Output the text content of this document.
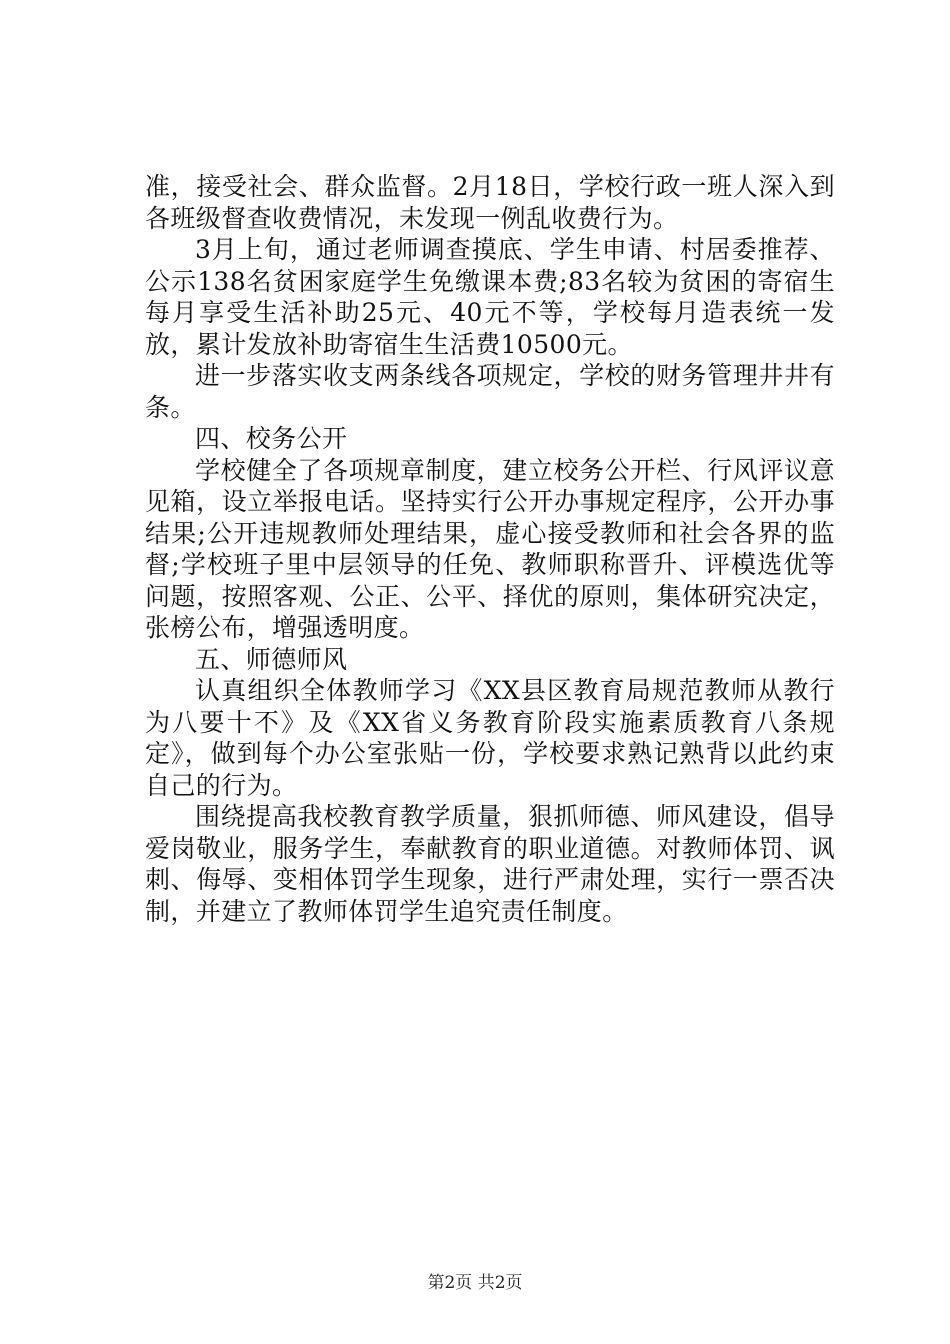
准，接受社会、群众监督。2月18日，学校行政一班人深入到各班级督查收费情况，未发现一例乱收费行为。

3月上旬，通过老师调查摸底、学生申请、村居委推荐、公示138名贫困家庭学生免缴课本费;83名较为贫困的寄宿生每月享受生活补助25元、40元不等，学校每月造表统一发放，累计发放补助寄宿生生活费10500元。

进一步落实收支两条线各项规定，学校的财务管理井井有条。

四、校务公开

学校健全了各项规章制度，建立校务公开栏、行风评议意见箱，设立举报电话。坚持实行公开办事规定程序，公开办事结果;公开违规教师处理结果，虚心接受教师和社会各界的监督;学校班子里中层领导的任免、教师职称晋升、评模选优等问题，按照客观、公正、公平、择优的原则，集体研究决定，张榜公布，增强透明度。

五、师德师风

认真组织全体教师学习《XX县区教育局规范教师从教行为八要十不》及《XX省义务教育阶段实施素质教育八条规定》，做到每个办公室张贴一份，学校要求熟记熟背以此约束自己的行为。

围绕提高我校教育教学质量，狠抓师德、师风建设，倡导爱岗敬业，服务学生，奉献教育的职业道德。对教师体罚、讽刺、侮辱、变相体罚学生现象，进行严肃处理，实行一票否决制，并建立了教师体罚学生追究责任制度。

第2页 共2页
